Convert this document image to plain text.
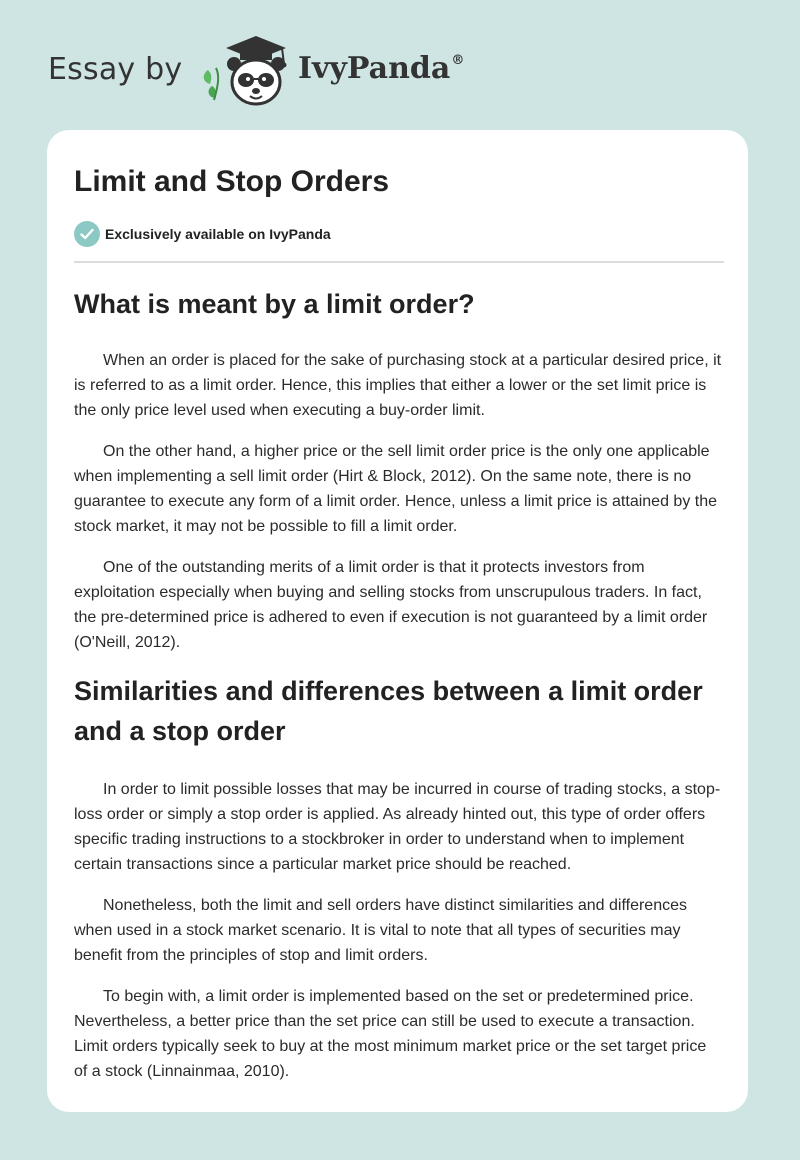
Essay by	IvyPanda®
Limit and Stop Orders
Exclusively available on IvyPanda
What is meant by a limit order?

When an order is placed for the sake of purchasing stock at a particular desired price, it is referred to as a limit order. Hence, this implies that either a lower or the set limit price is the only price level used when executing a buy-order limit.

On the other hand, a higher price or the sell limit order price is the only one applicable when implementing a sell limit order (Hirt & Block, 2012). On the same note, there is no guarantee to execute any form of a limit order. Hence, unless a limit price is attained by the stock market, it may not be possible to fill a limit order.

One of the outstanding merits of a limit order is that it protects investors from exploitation especially when buying and selling stocks from unscrupulous traders. In fact, the pre-determined price is adhered to even if execution is not guaranteed by a limit order (O'Neill, 2012).

Similarities and differences between a limit order and a stop order

In order to limit possible losses that may be incurred in course of trading stocks, a stop-loss order or simply a stop order is applied. As already hinted out, this type of order offers specific trading instructions to a stockbroker in order to understand when to implement certain transactions since a particular market price should be reached.

Nonetheless, both the limit and sell orders have distinct similarities and differences when used in a stock market scenario. It is vital to note that all types of securities may benefit from the principles of stop and limit orders.

To begin with, a limit order is implemented based on the set or predetermined price. Nevertheless, a better price than the set price can still be used to execute a transaction. Limit orders typically seek to buy at the most minimum market price or the set target price of a stock (Linnainmaa, 2010).
